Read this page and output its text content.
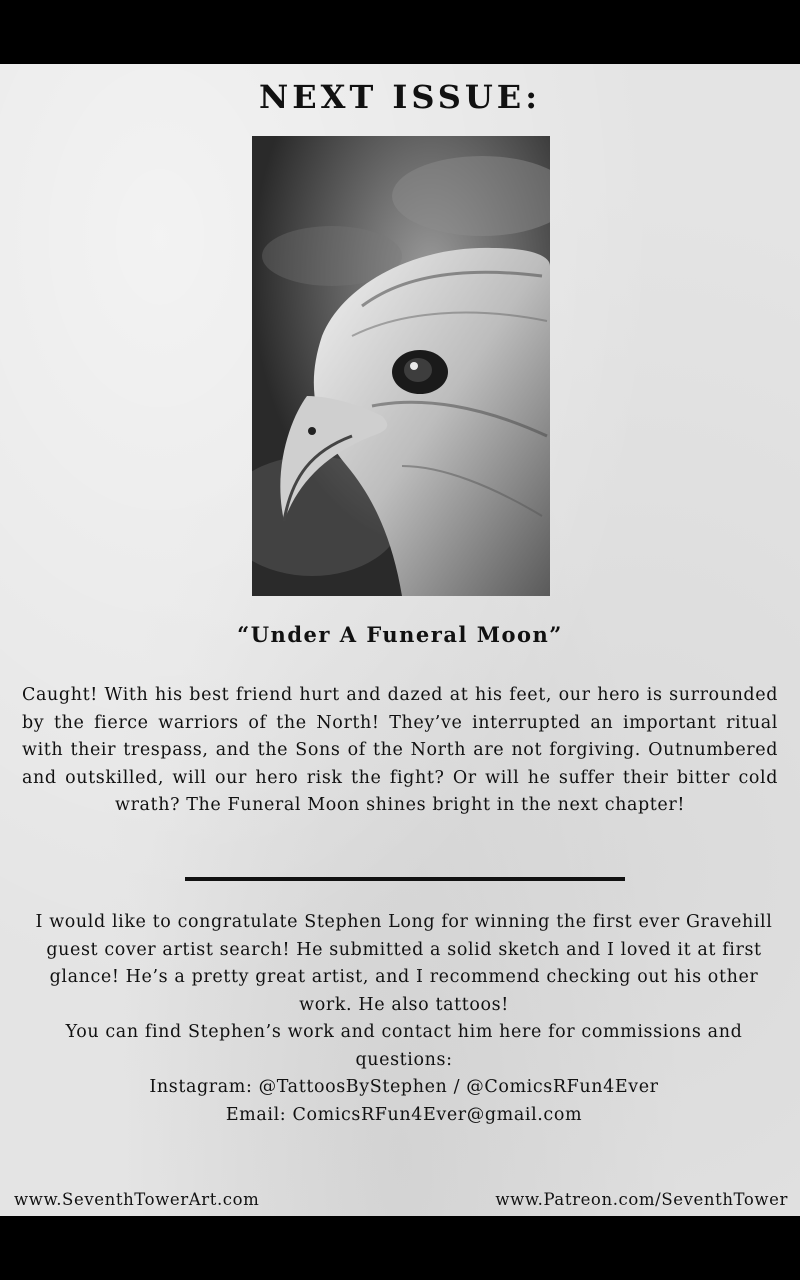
NEXT ISSUE:
“Under A Funeral Moon”

Caught! With his best friend hurt and dazed at his feet, our hero is surrounded by the fierce warriors of the North! They’ve interrupted an important ritual with their trespass, and the Sons of the North are not forgiving. Outnumbered and outskilled, will our hero risk the fight? Or will he suffer their bitter cold wrath? The Funeral Moon shines bright in the next chapter!

I would like to congratulate Stephen Long for winning the first ever Gravehill guest cover artist search! He submitted a solid sketch and I loved it at first glance! He’s a pretty great artist, and I recommend checking out his other work. He also tattoos!

You can find Stephen’s work and contact him here for commissions and questions:

Instagram: @TattoosByStephen / @ComicsRFun4Ever

Email: ComicsRFun4Ever@gmail.com

www.SeventhTowerArt.com	www.Patreon.com/SeventhTower
